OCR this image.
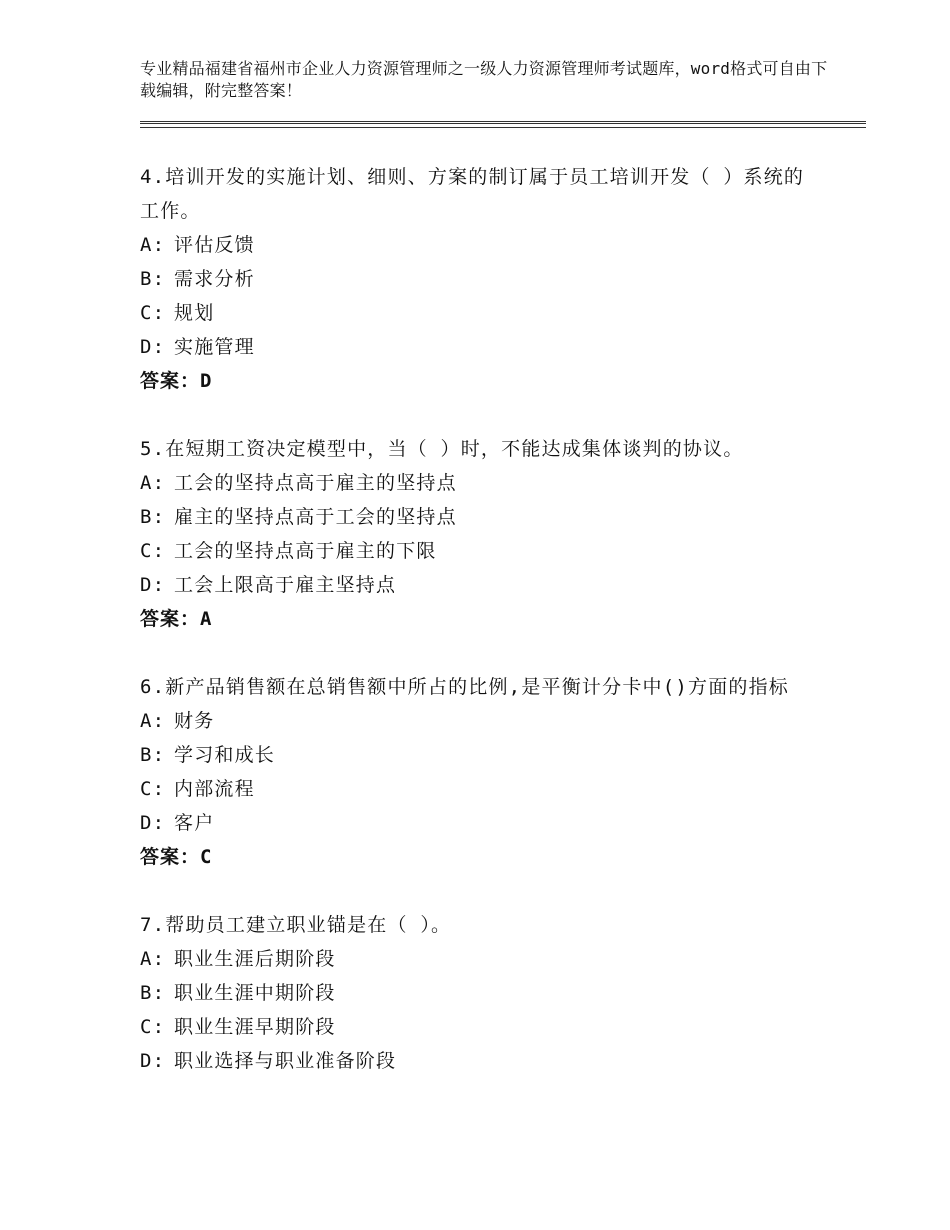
专业精品福建省福州市企业人力资源管理师之一级人力资源管理师考试题库，word格式可自由下载编辑，附完整答案！
4.培训开发的实施计划、细则、方案的制订属于员工培训开发（ ）系统的工作。
A: 评估反馈
B: 需求分析
C: 规划
D: 实施管理
答案：D
5.在短期工资决定模型中，当（ ）时，不能达成集体谈判的协议。
A: 工会的坚持点高于雇主的坚持点
B: 雇主的坚持点高于工会的坚持点
C: 工会的坚持点高于雇主的下限
D: 工会上限高于雇主坚持点
答案：A
6.新产品销售额在总销售额中所占的比例,是平衡计分卡中()方面的指标
A: 财务
B: 学习和成长
C: 内部流程
D: 客户
答案：C
7.帮助员工建立职业锚是在（ ）。
A: 职业生涯后期阶段
B: 职业生涯中期阶段
C: 职业生涯早期阶段
D: 职业选择与职业准备阶段
